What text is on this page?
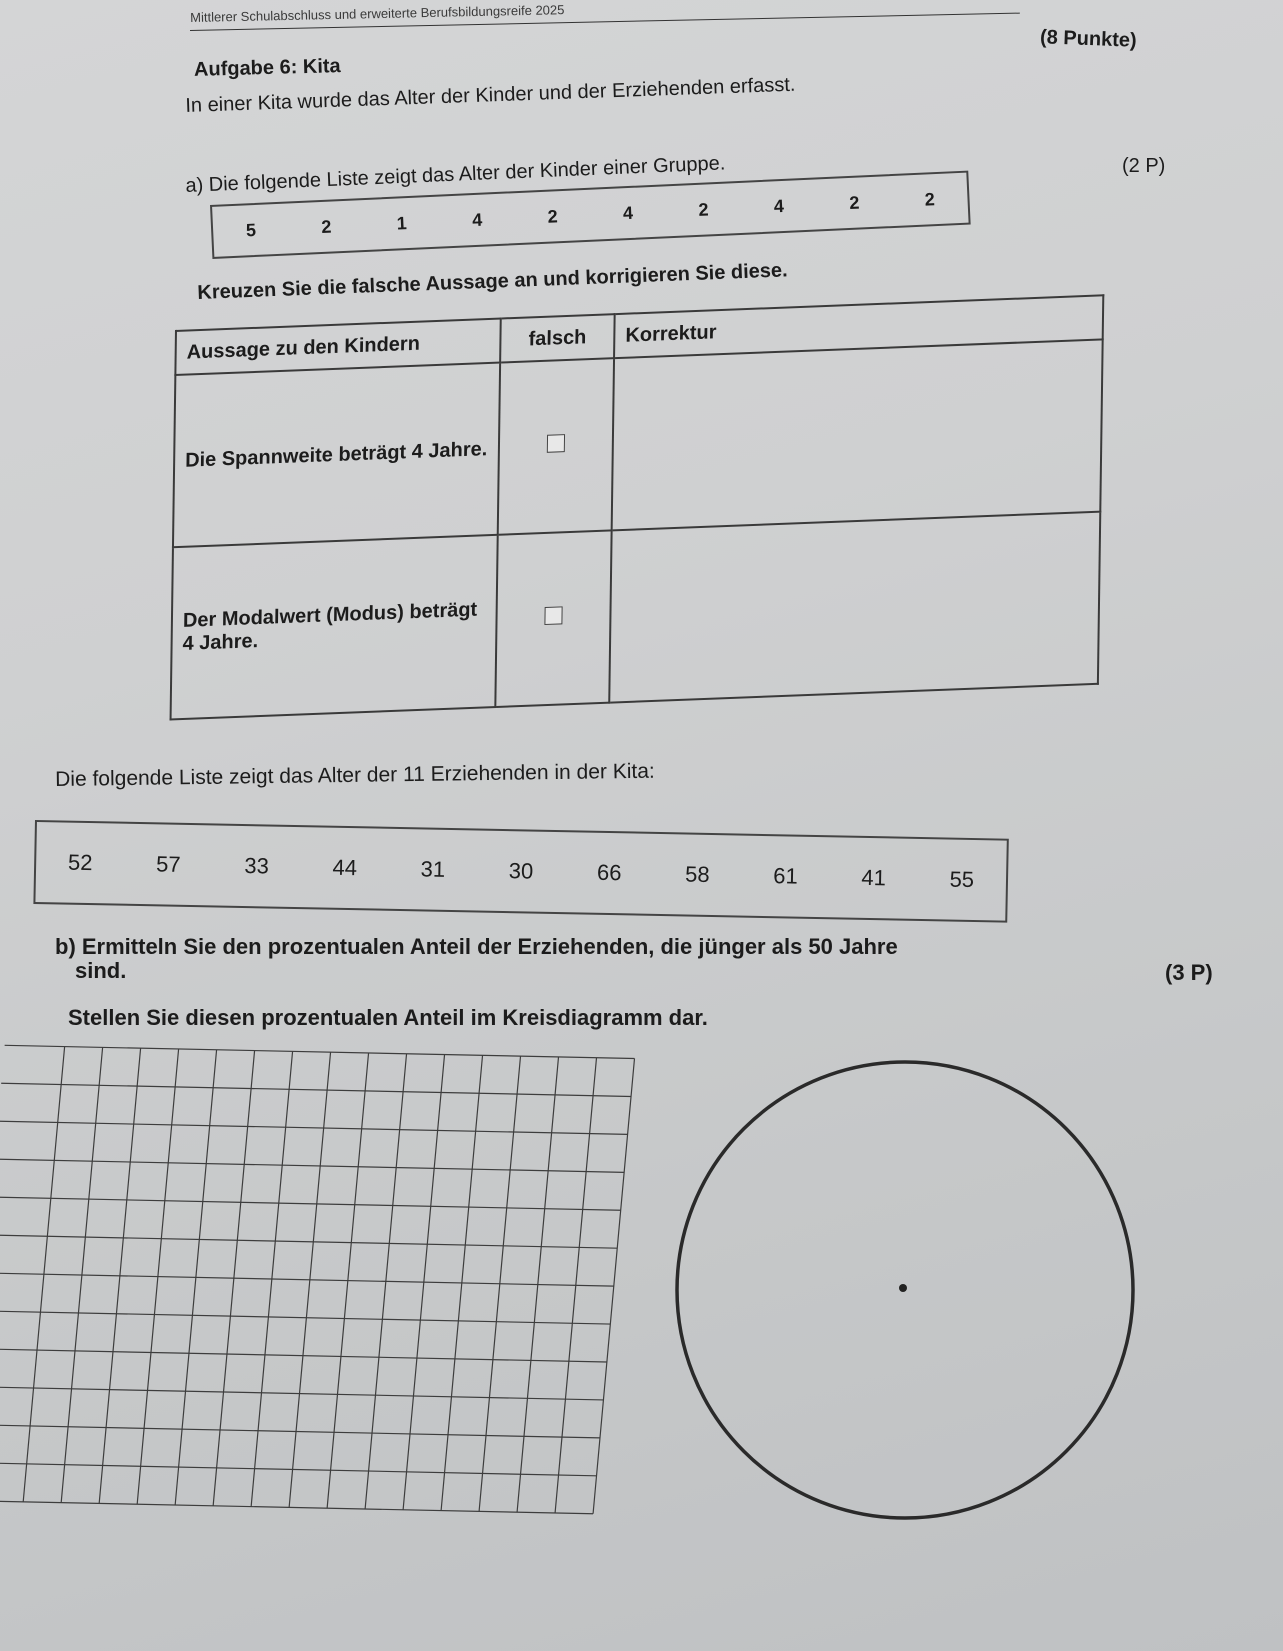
Mittlerer Schulabschluss und erweiterte Berufsbildungsreife 2025
(8 Punkte)
Aufgabe 6: Kita
In einer Kita wurde das Alter der Kinder und der Erziehenden erfasst.
(2 P)
a) Die folgende Liste zeigt das Alter der Kinder einer Gruppe.
5	2	1	4	2	4	2	4	2	2
Kreuzen Sie die falsche Aussage an und korrigieren Sie diese.
Aussage zu den Kindern	falsch	Korrektur
Die Spannweite beträgt 4 Jahre.		
Der Modalwert (Modus) beträgt 4 Jahre.		
Die folgende Liste zeigt das Alter der 11 Erziehenden in der Kita:
52	57	33	44	31	30	66	58	61	41	55
b) Ermitteln Sie den prozentualen Anteil der Erziehenden, die jünger als 50 Jahre
sind.	(3 P)
Stellen Sie diesen prozentualen Anteil im Kreisdiagramm dar.
